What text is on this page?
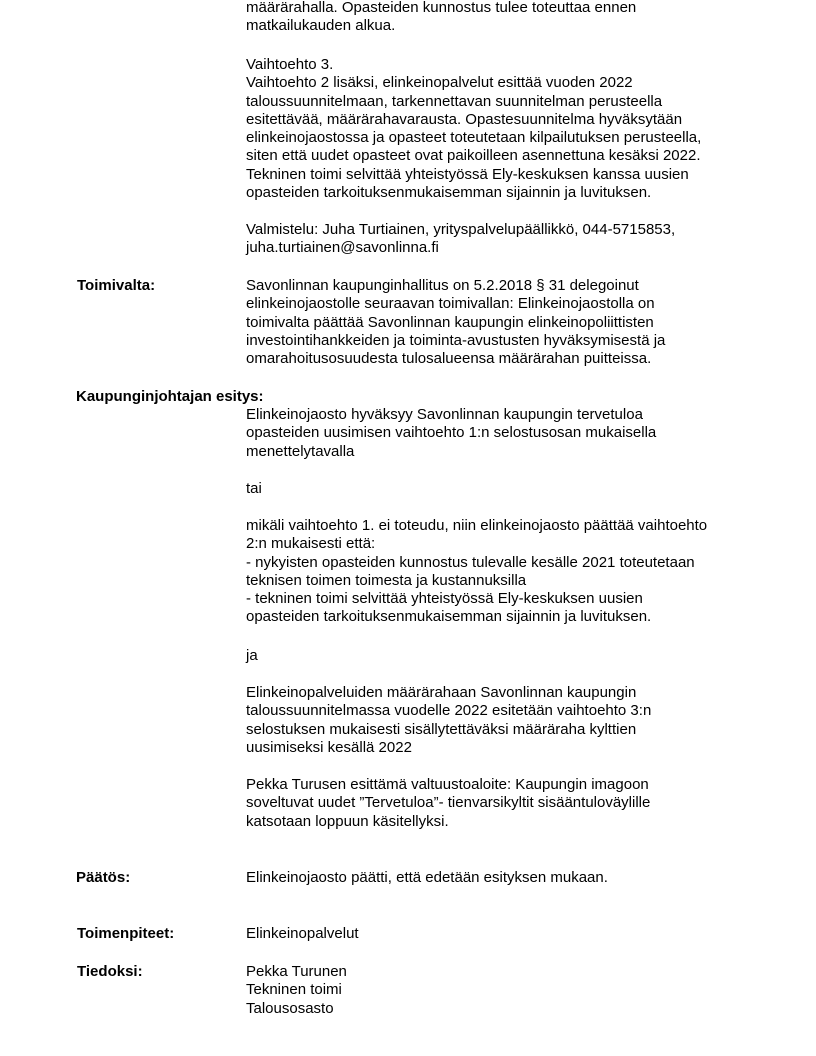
määrärahalla. Opasteiden kunnostus tulee toteuttaa ennen
matkailukauden alkua.
Vaihtoehto 3.
Vaihtoehto 2 lisäksi, elinkeinopalvelut esittää vuoden 2022
taloussuunnitelmaan, tarkennettavan suunnitelman perusteella
esitettävää, määrärahavarausta. Opastesuunnitelma hyväksytään
elinkeinojaostossa ja opasteet toteutetaan kilpailutuksen perusteella,
siten että uudet opasteet ovat paikoilleen asennettuna kesäksi 2022.
Tekninen toimi selvittää yhteistyössä Ely-keskuksen kanssa uusien
opasteiden tarkoituksenmukaisemman sijainnin ja luvituksen.
Valmistelu: Juha Turtiainen, yrityspalvelupäällikkö, 044-5715853,
juha.turtiainen@savonlinna.fi
Toimivalta:	Savonlinnan kaupunginhallitus on 5.2.2018 § 31 delegoinut
elinkeinojaostolle seuraavan toimivallan: Elinkeinojaostolla on
toimivalta päättää Savonlinnan kaupungin elinkeinopoliittisten
investointihankkeiden ja toiminta-avustusten hyväksymisestä ja
omarahoitusosuudesta tulosalueensa määrärahan puitteissa.
Kaupunginjohtajan esitys:
Elinkeinojaosto hyväksyy Savonlinnan kaupungin tervetuloa
opasteiden uusimisen vaihtoehto 1:n selostusosan mukaisella
menettelytavalla
tai
mikäli vaihtoehto 1. ei toteudu, niin elinkeinojaosto päättää vaihtoehto
2:n mukaisesti että:
- nykyisten opasteiden kunnostus tulevalle kesälle 2021 toteutetaan
teknisen toimen toimesta ja kustannuksilla
- tekninen toimi selvittää yhteistyössä Ely-keskuksen uusien
opasteiden tarkoituksenmukaisemman sijainnin ja luvituksen.
ja
Elinkeinopalveluiden määrärahaan Savonlinnan kaupungin
taloussuunnitelmassa vuodelle 2022 esitetään vaihtoehto 3:n
selostuksen mukaisesti sisällytettäväksi määräraha kylttien
uusimiseksi kesällä 2022
Pekka Turusen esittämä valtuustoaloite: Kaupungin imagoon
soveltuvat uudet ”Tervetuloa”- tienvarsikyltit sisääntuloväylille
katsotaan loppuun käsitellyksi.
Päätös:	Elinkeinojaosto päätti, että edetään esityksen mukaan.
Toimenpiteet:	Elinkeinopalvelut
Tiedoksi:	Pekka Turunen
Tekninen toimi
Talousosasto
